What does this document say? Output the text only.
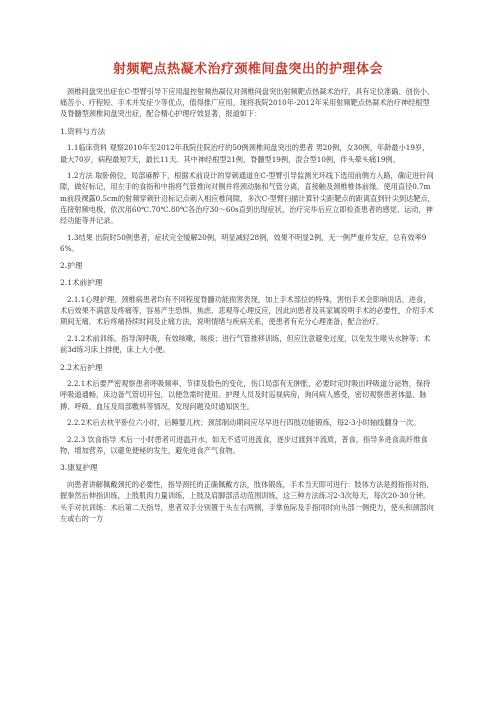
射频靶点热凝术治疗颈椎间盘突出的护理体会

颈椎间盘突出症在C-型臂引导下应用温控射频热凝仪对颈椎间盘突出射频靶点热凝术治疗，具有定位准确、创伤小、痛苦小、疗程短、手术并发症少等优点，值得推广应用。现将我院2010年-2012年采用射频靶点热凝术治疗神经根型及脊髓型颈椎间盘突出症，配合精心护理疗效显著，报道如下：

1.资料与方法

1.1临床资料 观察2010年至2012年我院住院治疗的50例颈椎间盘突出的患者 男20例，女30例，年龄最小19岁，最大70岁，病程最短7天，最长11天。其中神经根型21例，脊髓型19例，混合型10例，伴头晕头痛19例。

1.2方法 取卧俯位，局部麻醉下，根据术前设计的穿刺通道在C-型臂引导监测光环线下选用前侧方入路，确定进针间隙，做好标记，用左手的食指和中指将气管推向对侧并将颈动脉和气管分离，直接触及颈椎椎体前缘。使用直径0.7mm前段裸露0.5cm的射频穿刺针沿标记点刺入相应椎间隙，多次C-型臂扫描计算针尖距靶点的距离直到针尖到达靶点，连接射频电极，依次用60℃.70℃.80℃各治疗30～60s直到出现症状，治疗完毕后应立即检查患者的感觉、运动，神经功能等并记录。

1.3结果 出院时50例患者，症状完全缓解20例，明显减轻28例，效果不明显2例，无一例严重并发症，总有效率96%。

2.护理
2.1术前护理

2.1.1心理护理。颈椎病患者均有不同程度脊髓功能损害表现，加上手术部位的特殊，害怕手术会影响说话、进食，术后效果不满意及疼痛等，容易产生恐惧、焦虑、悲观等心理反应，因此向患者及其家属说明手术的必要性，介绍手术期间无痛，术后疼痛持续时间及止痛方法，说明情绪与疾病关系，使患者有充分心理准备，配合治疗。

2.1.2术前训练。指导深呼吸，有效咳嗽，咳痰；进行气管推移训练，但应注意避免过度，以免发生喉头水肿等；术前3d练习床上排便，床上大小便。

2.2术后护理

2.2.1术后要严密观察患者呼吸频率、节律及脸色的变化，伤口局部有无肿胀，必要时定时吸出呼吸道分泌物，保持呼吸道通畅，床边备气管切开包，以便急需时使用。护理人员及时巡视病房，询问病人感受，密切观察患者体温、脉搏、呼吸、血压及局部敷料等情况，发现问题及时通知医生。

2.2.2术后去枕平卧位六小时，后睡婴儿枕；颈部制动期间应尽早进行四肢功能锻炼，每2-3小时轴线翻身一次。

2.2.3 饮食指导 术后一小时患者可进温开水，如无不适可进流食，逐步过渡到半流质，普食，指导多进食高纤维食物，增加营养，以避免便秘的发生，避免进食产气食物。

3.康复护理

向患者讲解佩戴颈托的必要性，指导颈托的正确佩戴方法，肢体锻炼，手术当天即可进行：肢体方法是拇指指对指，握拳然后伸指训练，上肢肌肉力量训练，上肢及肩脚部活动范围训练，这三种方法练习2-3次每天，每次20-30分钟。头手对抗训练：术后第二天指导，患者双手分别置于头左右两侧，手掌鱼际及手指同时向头部一侧使力，使头和颈部向左或右的一方
